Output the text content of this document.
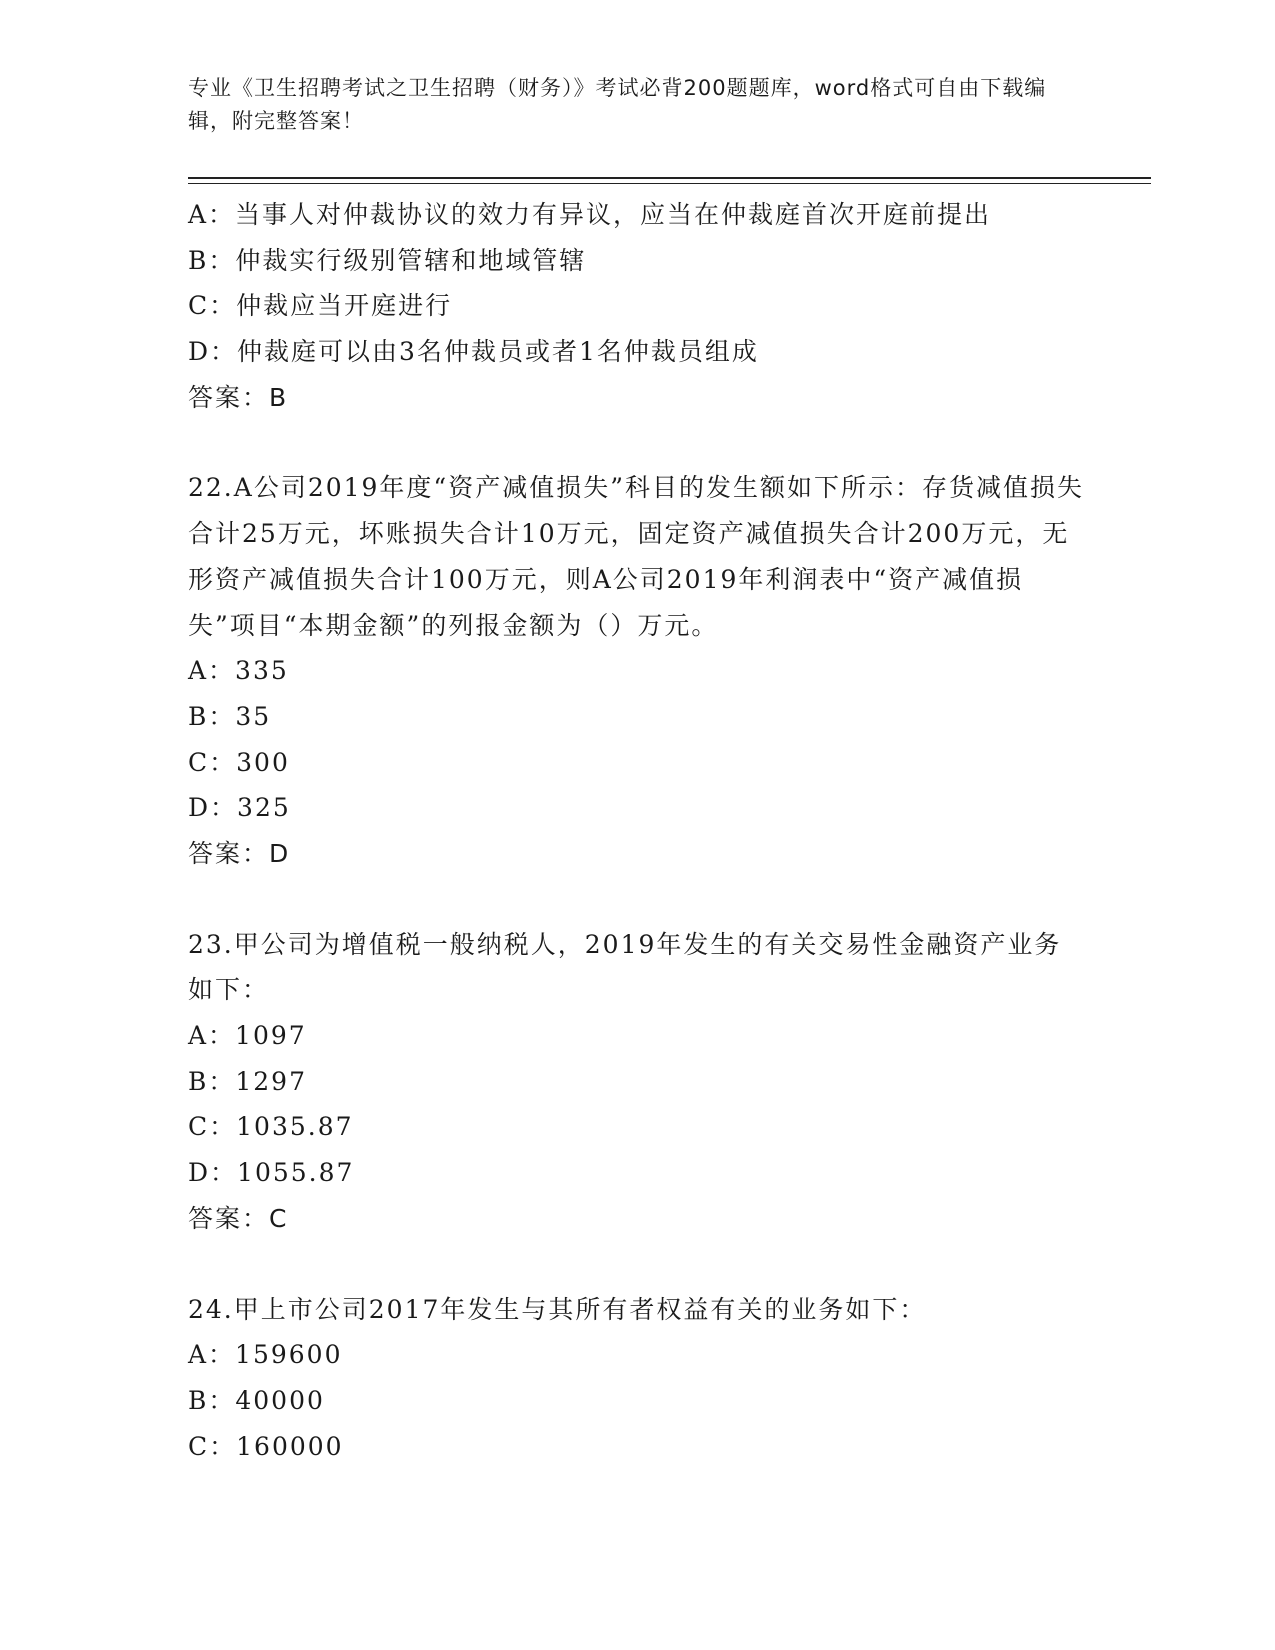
专业《卫生招聘考试之卫生招聘（财务）》考试必背200题题库，word格式可自由下载编辑，附完整答案！
A：当事人对仲裁协议的效力有异议，应当在仲裁庭首次开庭前提出
B：仲裁实行级别管辖和地域管辖
C：仲裁应当开庭进行
D：仲裁庭可以由3名仲裁员或者1名仲裁员组成
答案：B
22.A公司2019年度“资产减值损失”科目的发生额如下所示：存货减值损失合计25万元，坏账损失合计10万元，固定资产减值损失合计200万元，无形资产减值损失合计100万元，则A公司2019年利润表中“资产减值损失”项目“本期金额”的列报金额为（）万元。
A：335
B：35
C：300
D：325
答案：D
23.甲公司为增值税一般纳税人，2019年发生的有关交易性金融资产业务如下：
A：1097
B：1297
C：1035.87
D：1055.87
答案：C
24.甲上市公司2017年发生与其所有者权益有关的业务如下：
A：159600
B：40000
C：160000
